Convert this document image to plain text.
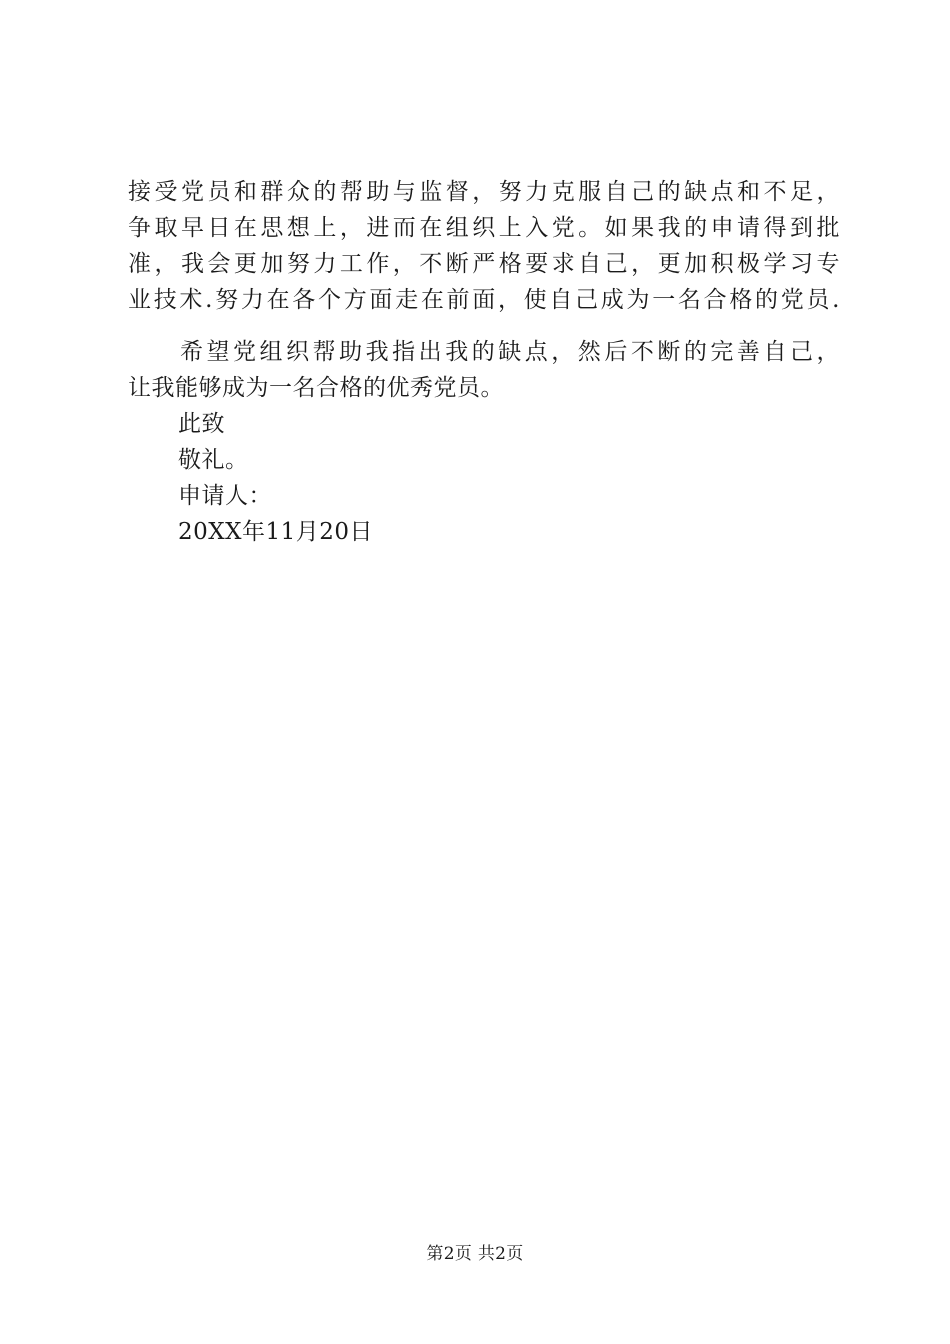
接受党员和群众的帮助与监督，努力克服自己的缺点和不足，
争取早日在思想上，进而在组织上入党。如果我的申请得到批
准，我会更加努力工作，不断严格要求自己，更加积极学习专
业技术.努力在各个方面走在前面，使自己成为一名合格的党员.
希望党组织帮助我指出我的缺点，然后不断的完善自己，
让我能够成为一名合格的优秀党员。
此致
敬礼。
申请人：
20XX年11月20日
第2页 共2页
